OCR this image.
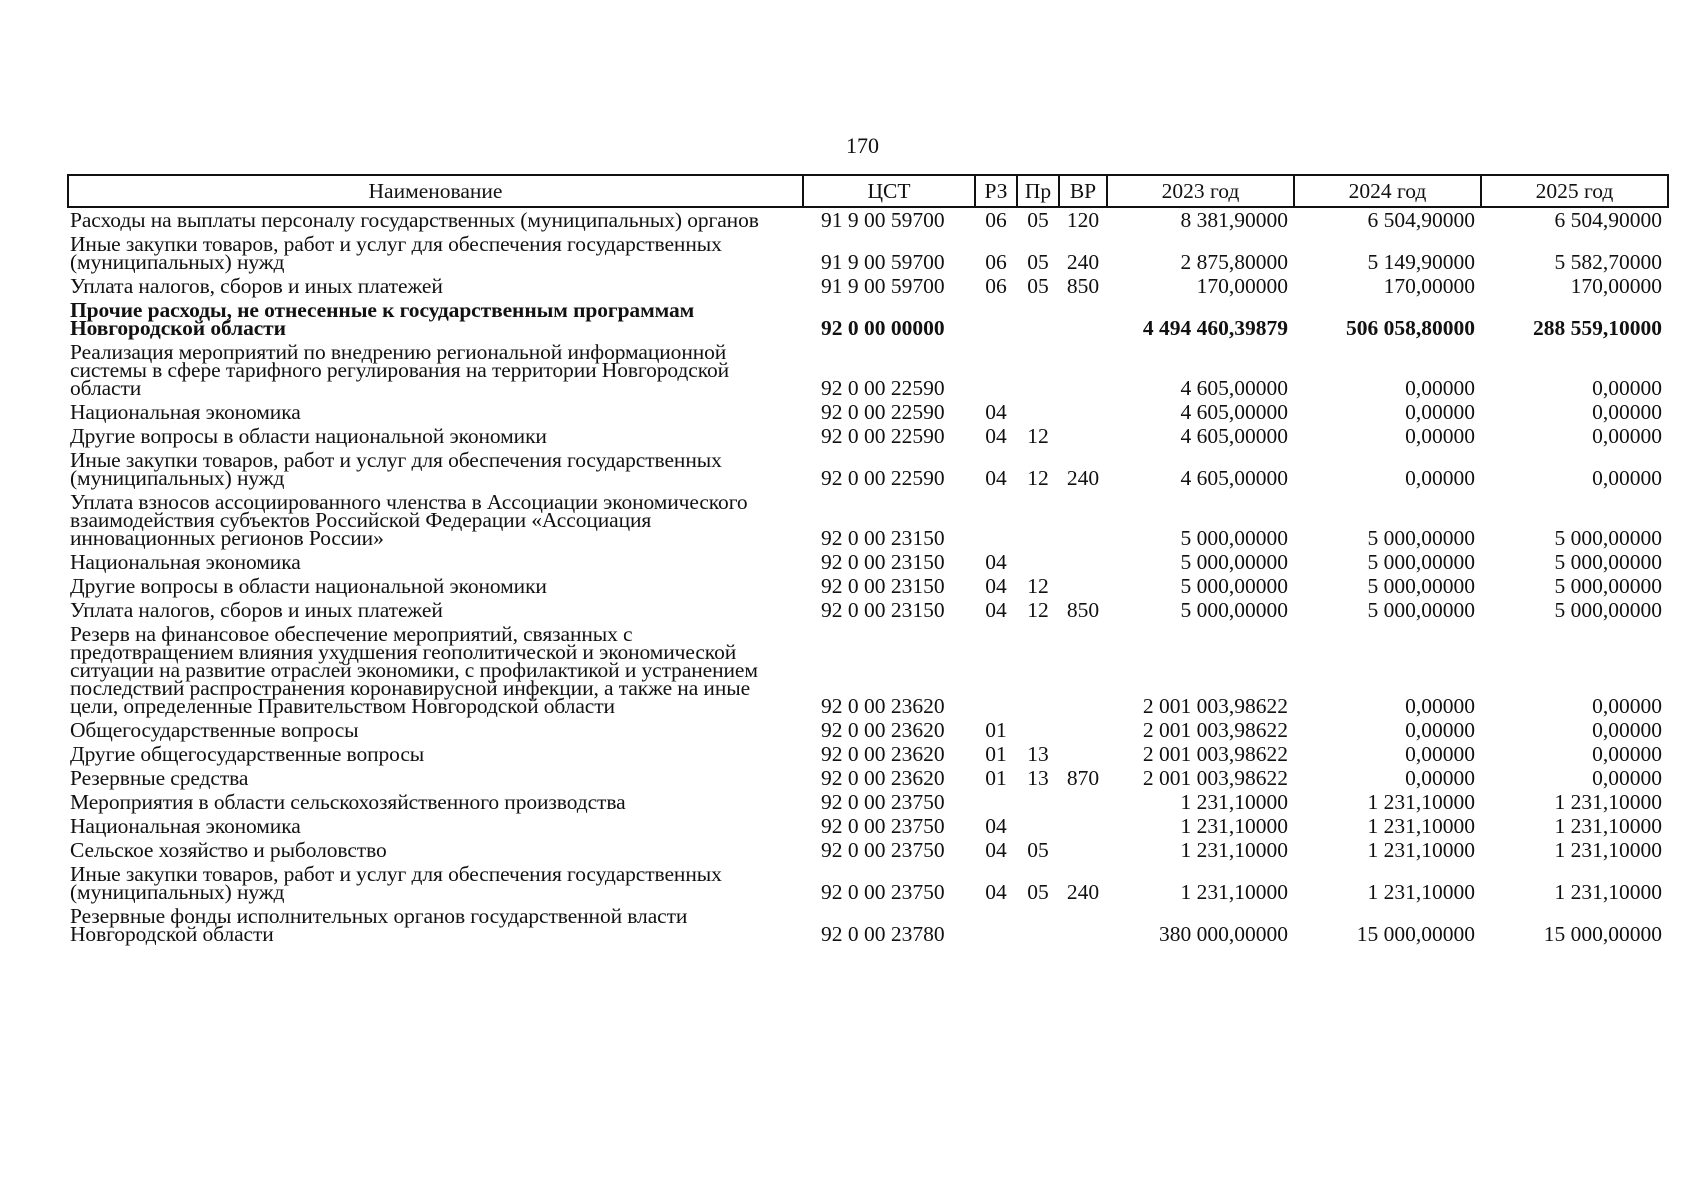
170
Наименование	ЦСТ	РЗ	Пр	ВР	2023 год	2024 год	2025 год
Расходы на выплаты персоналу государственных (муниципальных) органов	91 9 00 59700	06	05	120	8 381,90000	6 504,90000	6 504,90000
Иные закупки товаров, работ и услуг для обеспечения государственных (муниципальных) нужд	91 9 00 59700	06	05	240	2 875,80000	5 149,90000	5 582,70000
Уплата налогов, сборов и иных платежей	91 9 00 59700	06	05	850	170,00000	170,00000	170,00000
Прочие расходы, не отнесенные к государственным программам Новгородской области	92 0 00 00000				4 494 460,39879	506 058,80000	288 559,10000
Реализация мероприятий по внедрению региональной информационной системы в сфере тарифного регулирования на территории Новгородской области	92 0 00 22590				4 605,00000	0,00000	0,00000
Национальная экономика	92 0 00 22590	04			4 605,00000	0,00000	0,00000
Другие вопросы в области национальной экономики	92 0 00 22590	04	12		4 605,00000	0,00000	0,00000
Иные закупки товаров, работ и услуг для обеспечения государственных (муниципальных) нужд	92 0 00 22590	04	12	240	4 605,00000	0,00000	0,00000
Уплата взносов ассоциированного членства в Ассоциации экономического взаимодействия субъектов Российской Федерации «Ассоциация инновационных регионов России»	92 0 00 23150				5 000,00000	5 000,00000	5 000,00000
Национальная экономика	92 0 00 23150	04			5 000,00000	5 000,00000	5 000,00000
Другие вопросы в области национальной экономики	92 0 00 23150	04	12		5 000,00000	5 000,00000	5 000,00000
Уплата налогов, сборов и иных платежей	92 0 00 23150	04	12	850	5 000,00000	5 000,00000	5 000,00000
Резерв на финансовое обеспечение мероприятий, связанных с предотвращением влияния ухудшения геополитической и экономической ситуации на развитие отраслей экономики, с профилактикой и устранением последствий распространения коронавирусной инфекции, а также на иные цели, определенные Правительством Новгородской области	92 0 00 23620				2 001 003,98622	0,00000	0,00000
Общегосударственные вопросы	92 0 00 23620	01			2 001 003,98622	0,00000	0,00000
Другие общегосударственные вопросы	92 0 00 23620	01	13		2 001 003,98622	0,00000	0,00000
Резервные средства	92 0 00 23620	01	13	870	2 001 003,98622	0,00000	0,00000
Мероприятия в области сельскохозяйственного производства	92 0 00 23750				1 231,10000	1 231,10000	1 231,10000
Национальная экономика	92 0 00 23750	04			1 231,10000	1 231,10000	1 231,10000
Сельское хозяйство и рыболовство	92 0 00 23750	04	05		1 231,10000	1 231,10000	1 231,10000
Иные закупки товаров, работ и услуг для обеспечения государственных (муниципальных) нужд	92 0 00 23750	04	05	240	1 231,10000	1 231,10000	1 231,10000
Резервные фонды исполнительных органов государственной власти Новгородской области	92 0 00 23780				380 000,00000	15 000,00000	15 000,00000
